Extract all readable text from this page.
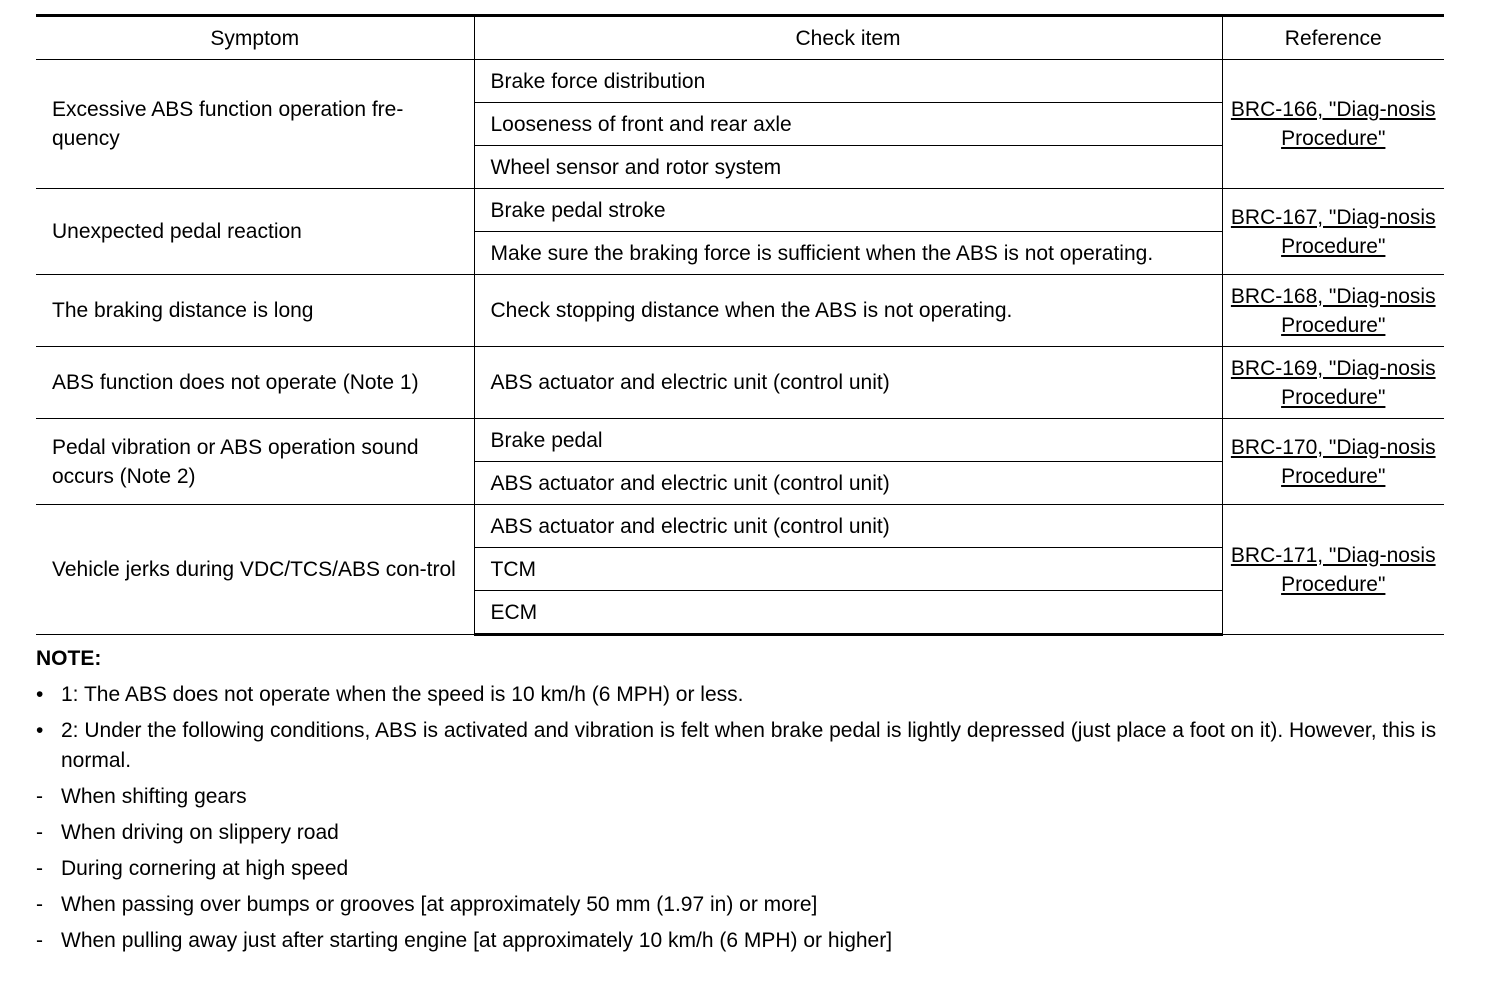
Symptom	Check item	Reference
Excessive ABS function operation fre-quency	Brake force distribution	BRC-166, "Diag-nosis Procedure"
	Looseness of front and rear axle	
	Wheel sensor and rotor system	
Unexpected pedal reaction	Brake pedal stroke	BRC-167, "Diag-nosis Procedure"
	Make sure the braking force is sufficient when the ABS is not operating.	
The braking distance is long	Check stopping distance when the ABS is not operating.	BRC-168, "Diag-nosis Procedure"
ABS function does not operate (Note 1)	ABS actuator and electric unit (control unit)	BRC-169, "Diag-nosis Procedure"
Pedal vibration or ABS operation sound occurs (Note 2)	Brake pedal	BRC-170, "Diag-nosis Procedure"
	ABS actuator and electric unit (control unit)	
Vehicle jerks during VDC/TCS/ABS con-trol	ABS actuator and electric unit (control unit)	BRC-171, "Diag-nosis Procedure"
	TCM	
	ECM	
NOTE:
• 1: The ABS does not operate when the speed is 10 km/h (6 MPH) or less.
• 2: Under the following conditions, ABS is activated and vibration is felt when brake pedal is lightly depressed (just place a foot on it). However, this is normal.
- When shifting gears
- When driving on slippery road
- During cornering at high speed
- When passing over bumps or grooves [at approximately 50 mm (1.97 in) or more]
- When pulling away just after starting engine [at approximately 10 km/h (6 MPH) or higher]
